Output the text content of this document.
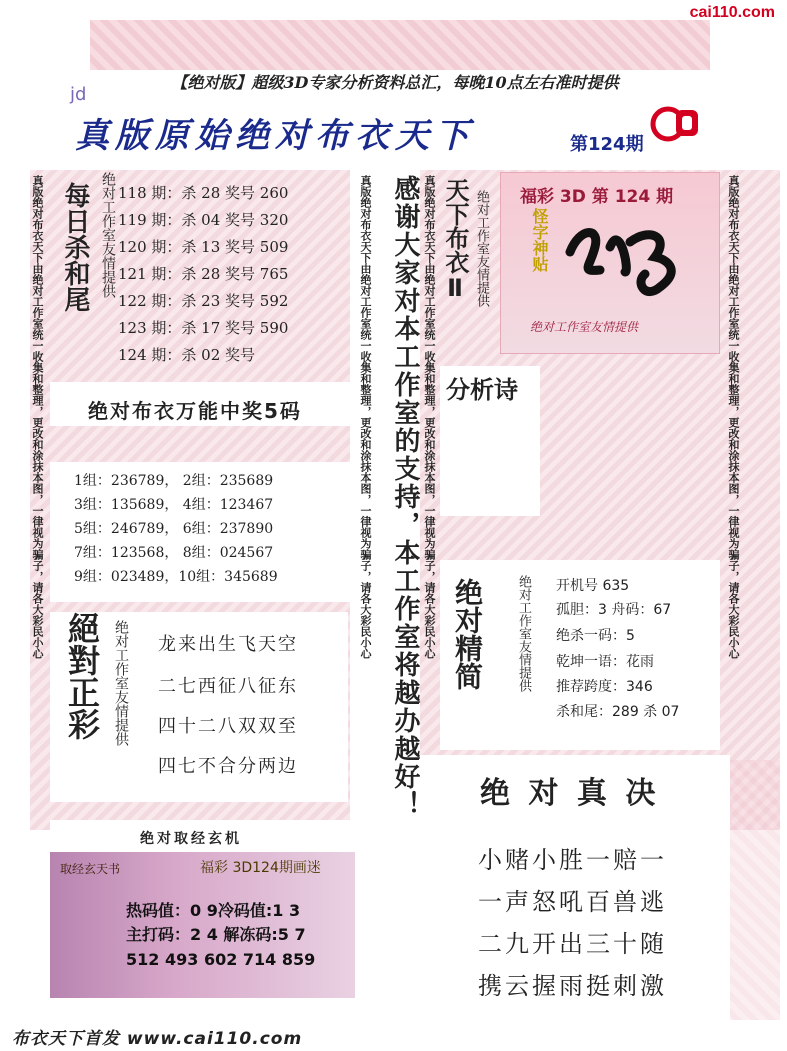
cai110.com
【绝对版】超级3D专家分析资料总汇，每晚10点左右准时提供
jd
真版原始绝对布衣天下	第124期
真版绝对布衣天下由绝对工作室统一收集和整理，更改和涂抹本图，一律视为骗子，请各大彩民小心 每日杀和尾 绝对工作室友情提供 118 期：杀 28 奖号 260
119 期：杀 04 奖号 320
120 期：杀 13 奖号 509
121 期：杀 28 奖号 765
122 期：杀 23 奖号 592
123 期：杀 17 奖号 590
124 期：杀 02 奖号
绝对布衣万能中奖5码
1组：236789， 2组：235689
3组：135689， 4组：123467
5组：246789， 6组：237890
7组：123568， 8组：024567
9组：023489，10组：345689
絕對正彩 绝对工作室友情提供 龙来出生飞天空
二七西征八征东
四十二八双双至
四七不合分两边
绝对取经玄机
福彩 3D124期画迷
取经玄天书
热码值：0 9冷码值:1 3
主打码：2 4 解冻码:5 7
512 493 602 714 859
真版绝对布衣天下由绝对工作室统一收集和整理，更改和涂抹本图，一律视为骗子，请各大彩民小心 感谢大家对本工作室的支持，本工作室将越办越好！ 真版绝对布衣天下由绝对工作室统一收集和整理，更改和涂抹本图，一律视为骗子，请各大彩民小心 天下布衣Ⅱ 绝对工作室友情提供 福彩 3D 第 124 期
怪字神贴
绝对工作室友情提供	真版绝对布衣天下由绝对工作室统一收集和整理，更改和涂抹本图，一律视为骗子，请各大彩民小心
分析诗
绝对精简 绝对工作室友情提供 开机号 635
孤胆：3 舟码：67
绝杀一码：5
乾坤一语：花雨
推荐跨度：346
杀和尾：289 杀 07
绝 对 真 决
小赌小胜一赔一
一声怒吼百兽逃
二九开出三十随
携云握雨挺刺激
布衣天下首发 www.cai110.com
